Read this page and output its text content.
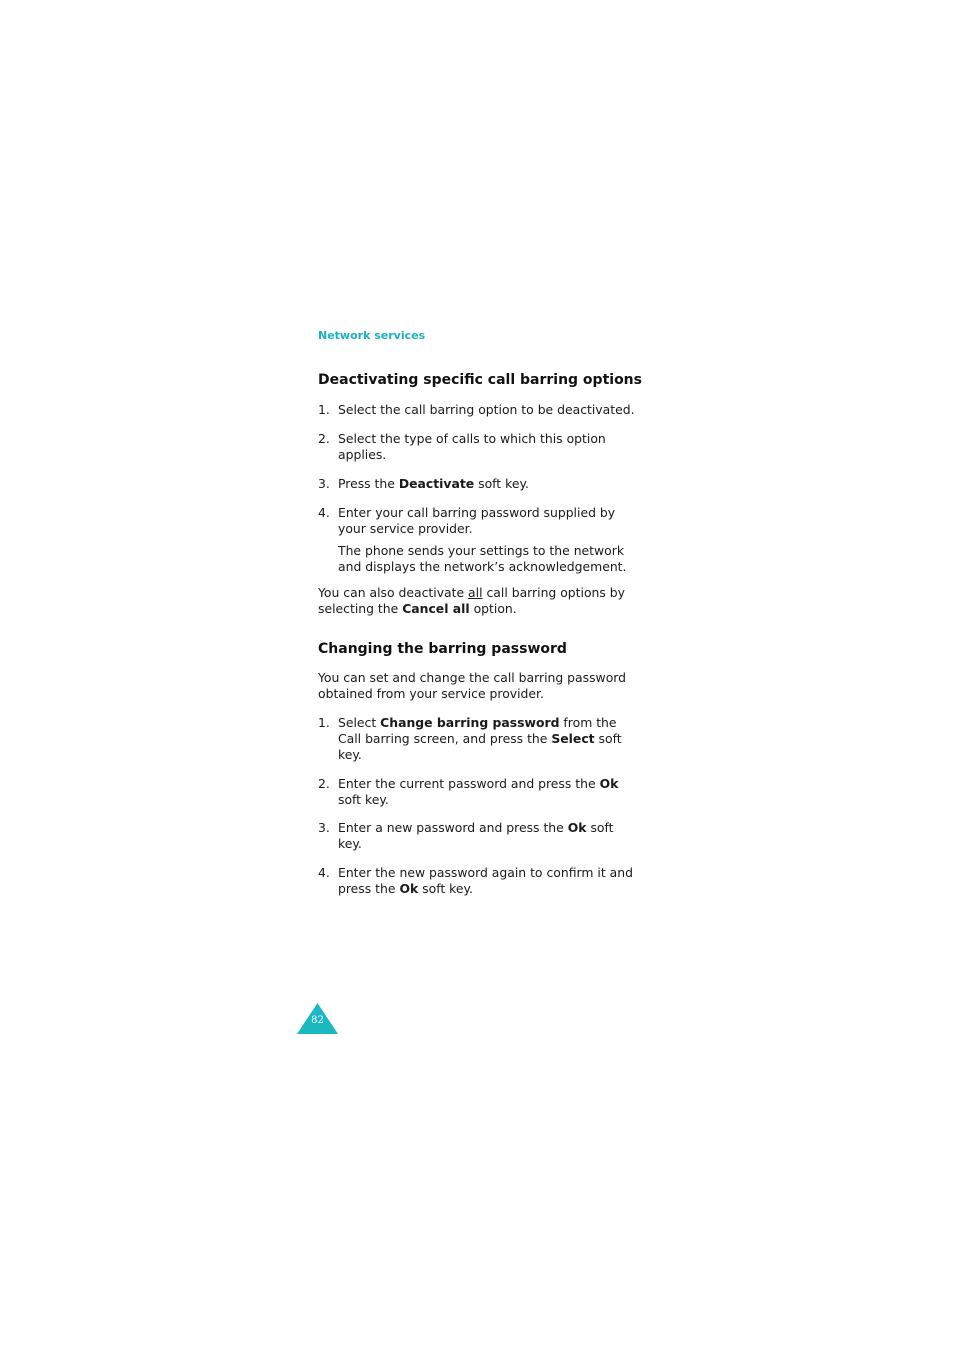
Network services
Deactivating specific call barring options
1. Select the call barring option to be deactivated.
2. Select the type of calls to which this option applies.
3. Press the Deactivate soft key.
4. Enter your call barring password supplied by your service provider.

The phone sends your settings to the network and displays the network’s acknowledgement.

You can also deactivate all call barring options by selecting the Cancel all option.

Changing the barring password

You can set and change the call barring password obtained from your service provider.

1. Select Change barring password from the Call barring screen, and press the Select soft key.
2. Enter the current password and press the Ok soft key.
3. Enter a new password and press the Ok soft key.
4. Enter the new password again to confirm it and press the Ok soft key.
82
